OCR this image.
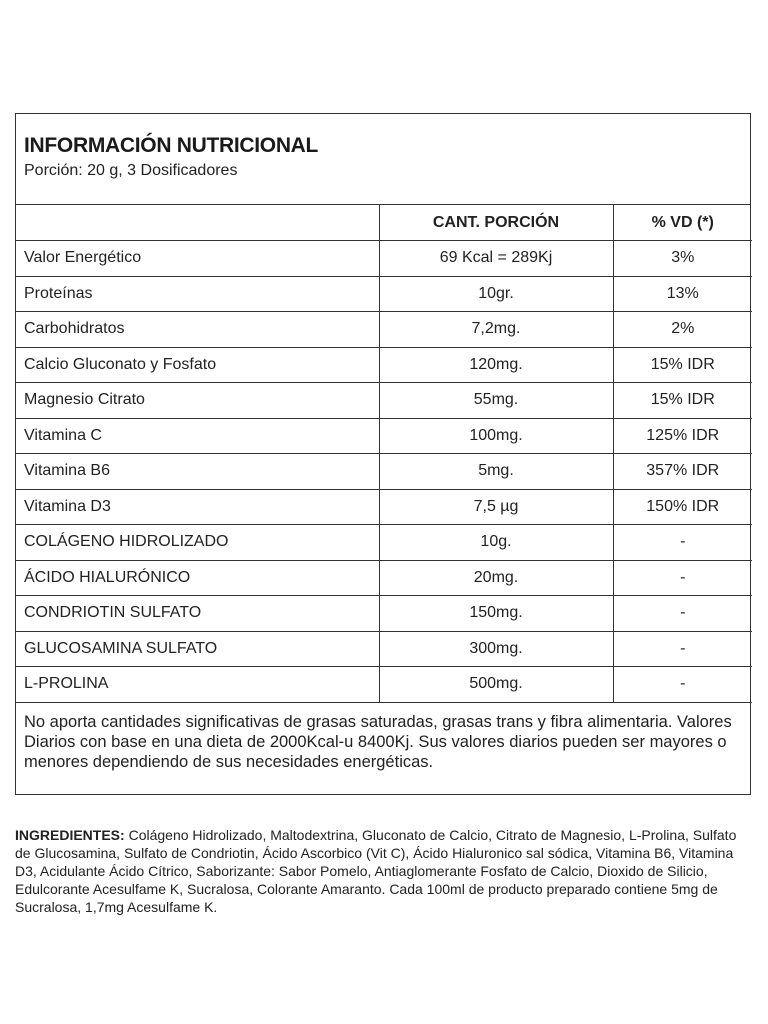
INFORMACIÓN NUTRICIONAL
Porción: 20 g, 3 Dosificadores
	CANT. PORCIÓN	% VD (*)
Valor Energético	69 Kcal = 289Kj	3%
Proteínas	10gr.	13%
Carbohidratos	7,2mg.	2%
Calcio Gluconato y Fosfato	120mg.	15% IDR
Magnesio Citrato	55mg.	15% IDR
Vitamina C	100mg.	125% IDR
Vitamina B6	5mg.	357% IDR
Vitamina D3	7,5 µg	150% IDR
COLÁGENO HIDROLIZADO	10g.	-
ÁCIDO HIALURÓNICO	20mg.	-
CONDRIOTIN SULFATO	150mg.	-
GLUCOSAMINA SULFATO	300mg.	-
L-PROLINA	500mg.	-
No aporta cantidades significativas de grasas saturadas, grasas trans y fibra alimentaria. Valores Diarios con base en una dieta de 2000Kcal-u 8400Kj. Sus valores diarios pueden ser mayores o menores dependiendo de sus necesidades energéticas.
INGREDIENTES: Colágeno Hidrolizado, Maltodextrina, Gluconato de Calcio, Citrato de Magnesio, L-Prolina, Sulfato de Glucosamina, Sulfato de Condriotin, Ácido Ascorbico (Vit C), Ácido Hialuronico sal sódica, Vitamina B6, Vitamina D3, Acidulante Ácido Cítrico, Saborizante: Sabor Pomelo, Antiaglomerante Fosfato de Calcio, Dioxido de Silicio, Edulcorante Acesulfame K, Sucralosa, Colorante Amaranto. Cada 100ml de producto preparado contiene 5mg de Sucralosa, 1,7mg Acesulfame K.
